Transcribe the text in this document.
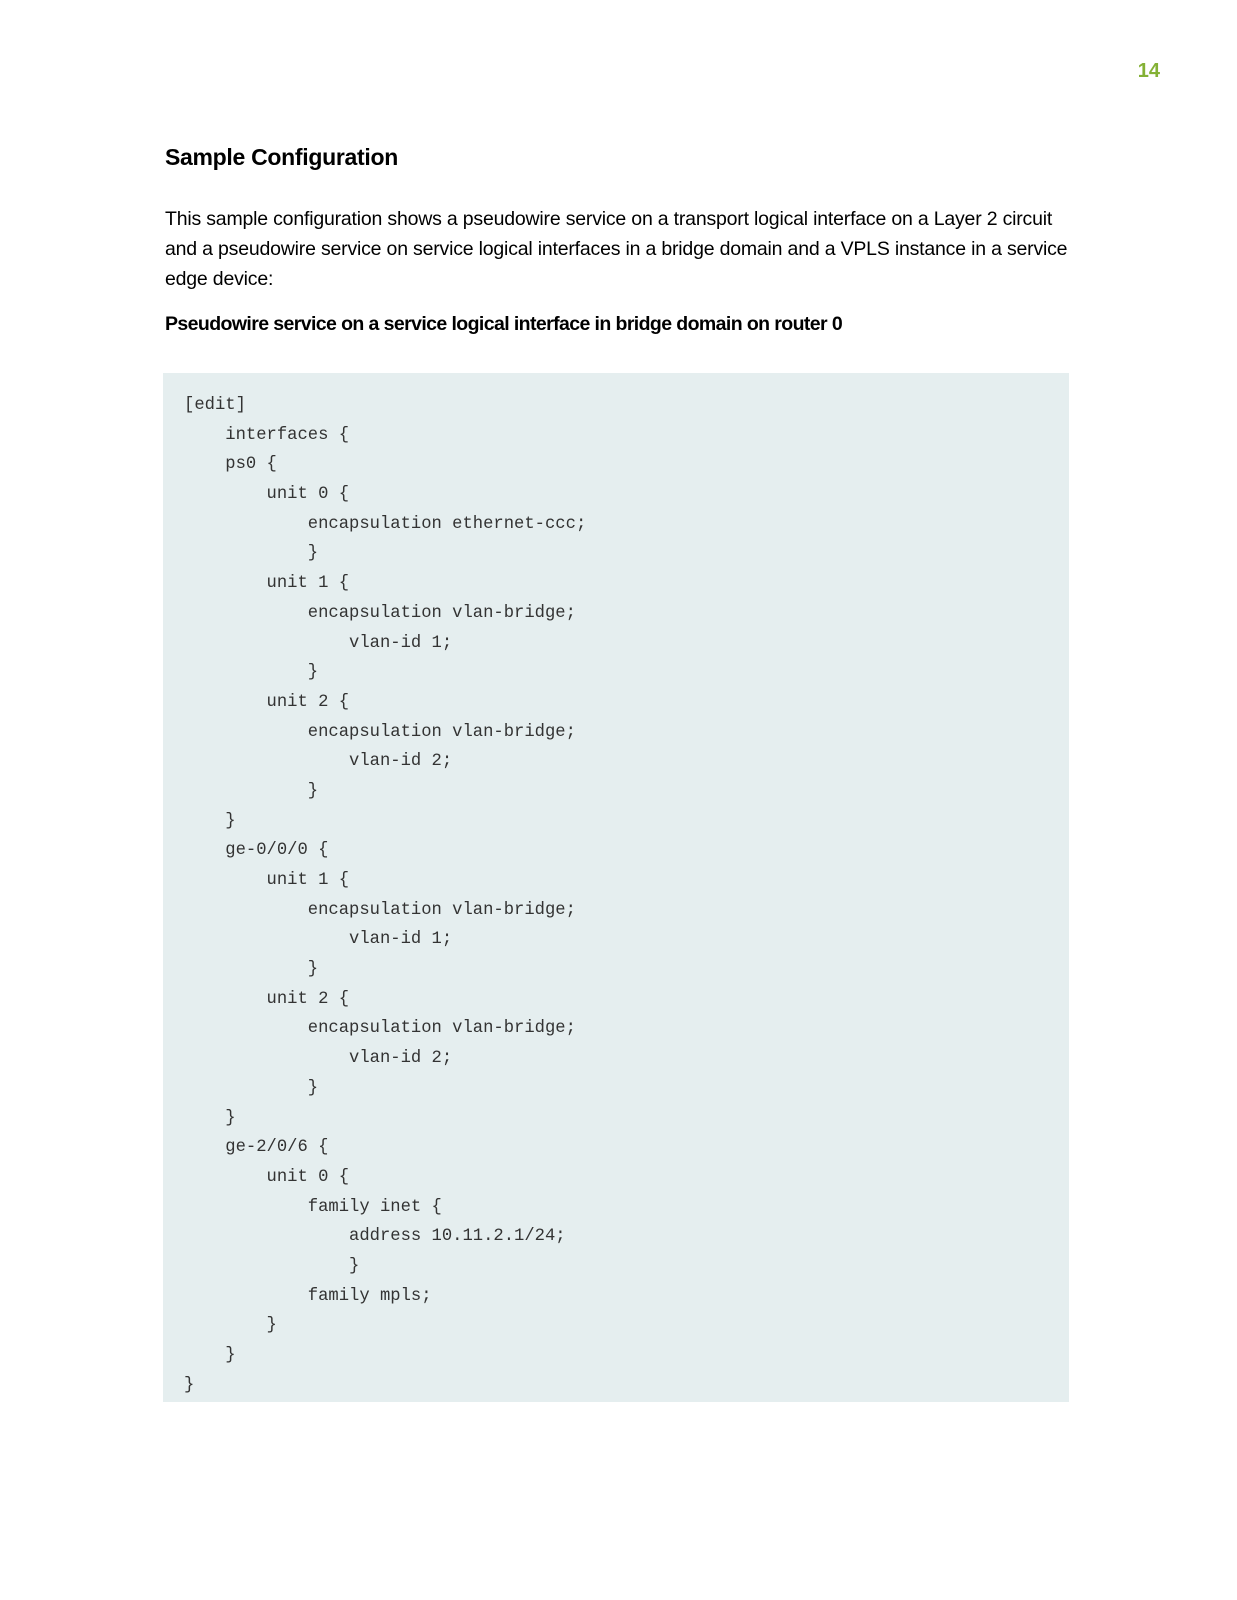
14
Sample Configuration

This sample configuration shows a pseudowire service on a transport logical interface on a Layer 2 circuit and a pseudowire service on service logical interfaces in a bridge domain and a VPLS instance in a service edge device:

Pseudowire service on a service logical interface in bridge domain on router 0
[edit]
interfaces {
ps0 {
unit 0 {
encapsulation ethernet-ccc;
}
unit 1 {
encapsulation vlan-bridge;
vlan-id 1;
}
unit 2 {
encapsulation vlan-bridge;
vlan-id 2;
}
}
ge-0/0/0 {
unit 1 {
encapsulation vlan-bridge;
vlan-id 1;
}
unit 2 {
encapsulation vlan-bridge;
vlan-id 2;
}
}
ge-2/0/6 {
unit 0 {
family inet {
address 10.11.2.1/24;
}
family mpls;
}
}
}
